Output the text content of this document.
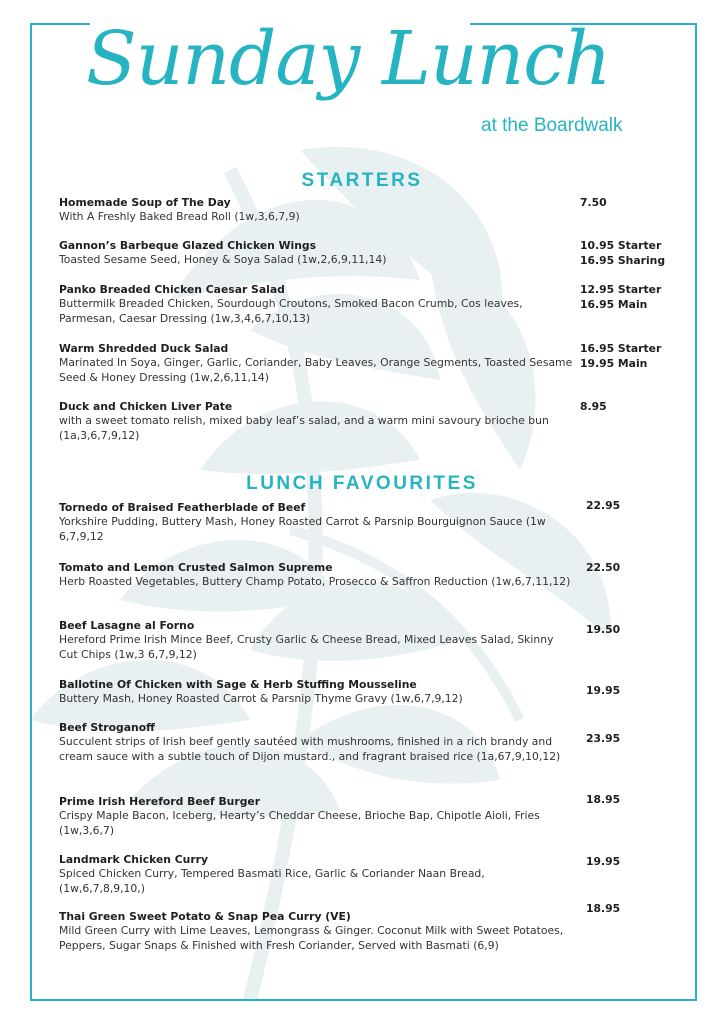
Sunday Lunch
at the Boardwalk
STARTERS
Homemade Soup of The Day
With A Freshly Baked Bread Roll (1w,3,6,7,9)
7.50
Gannon’s Barbeque Glazed Chicken Wings
Toasted Sesame Seed, Honey & Soya Salad (1w,2,6,9,11,14)
10.95 Starter
16.95 Sharing
Panko Breaded Chicken Caesar Salad
Buttermilk Breaded Chicken, Sourdough Croutons, Smoked Bacon Crumb, Cos leaves, Parmesan, Caesar Dressing (1w,3,4,6,7,10,13)
12.95 Starter
16.95 Main
Warm Shredded Duck Salad
Marinated In Soya, Ginger, Garlic, Coriander, Baby Leaves, Orange Segments, Toasted Sesame Seed & Honey Dressing (1w,2,6,11,14)
16.95 Starter
19.95 Main
Duck and Chicken Liver Pate
with a sweet tomato relish, mixed baby leaf’s salad, and a warm mini savoury brioche bun (1a,3,6,7,9,12)
8.95
LUNCH FAVOURITES
Tornedo of Braised Featherblade of Beef
Yorkshire Pudding, Buttery Mash, Honey Roasted Carrot & Parsnip Bourguignon Sauce (1w 6,7,9,12
22.95
Tomato and Lemon Crusted Salmon Supreme
Herb Roasted Vegetables, Buttery Champ Potato, Prosecco & Saffron Reduction (1w,6,7,11,12)
22.50
Beef Lasagne al Forno
Hereford Prime Irish Mince Beef, Crusty Garlic & Cheese Bread, Mixed Leaves Salad, Skinny Cut Chips (1w,3 6,7,9,12)
19.50
Ballotine Of Chicken with Sage & Herb Stuffing Mousseline
Buttery Mash, Honey Roasted Carrot & Parsnip Thyme Gravy (1w,6,7,9,12)
19.95
Beef Stroganoff
Succulent strips of Irish beef gently sautéed with mushrooms, finished in a rich brandy and cream sauce with a subtle touch of Dijon mustard., and fragrant braised rice (1a,67,9,10,12)
23.95
Prime Irish Hereford Beef Burger
Crispy Maple Bacon, Iceberg, Hearty’s Cheddar Cheese, Brioche Bap, Chipotle Aioli, Fries (1w,3,6,7)
18.95
Landmark Chicken Curry
Spiced Chicken Curry, Tempered Basmati Rice, Garlic & Coriander Naan Bread, (1w,6,7,8,9,10,)
19.95
Thai Green Sweet Potato & Snap Pea Curry (VE)
Mild Green Curry with Lime Leaves, Lemongrass & Ginger. Coconut Milk with Sweet Potatoes, Peppers, Sugar Snaps & Finished with Fresh Coriander, Served with Basmati (6,9)
18.95
